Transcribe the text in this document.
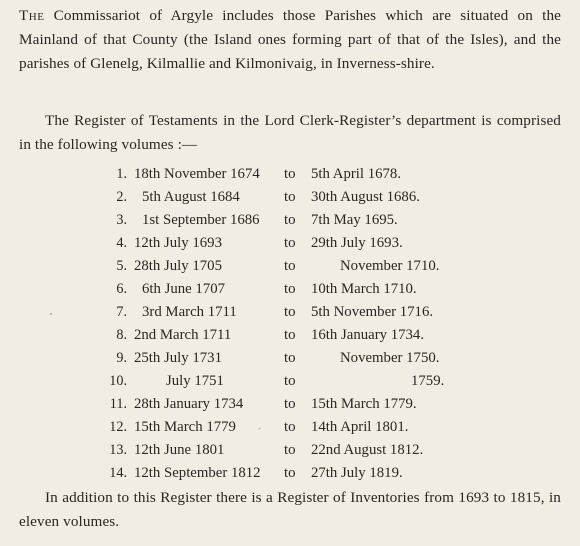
The Commissariot of Argyle includes those Parishes which are situated on the Mainland of that County (the Island ones forming part of that of the Isles), and the parishes of Glenelg, Kilmallie and Kilmonivaig, in Inverness-shire.

The Register of Testaments in the Lord Clerk-Register’s department is comprised in the following volumes :—

1. 18th November 1674 to 5th April 1678.
2. 5th August 1684	to 30th August 1686.
3. 1st September 1686 to 7th May 1695.
4. 12th July 1693	to 29th July 1693.
5. 28th July 1705	to	November 1710.
6. 6th June 1707	to 10th March 1710.
7. 3rd March 1711	to 5th November 1716.
8. 2nd March 1711	to 16th January 1734.
9. 25th July 1731	to	November 1750.
10.	July 1751	to	1759.
11. 28th January 1734	to 15th March 1779.
12. 15th March 1779	to 14th April 1801.
13. 12th June 1801	to 22nd August 1812.
14. 12th September 1812 to 27th July 1819.

In addition to this Register there is a Register of Inventories from 1693 to 1815, in eleven volumes.
